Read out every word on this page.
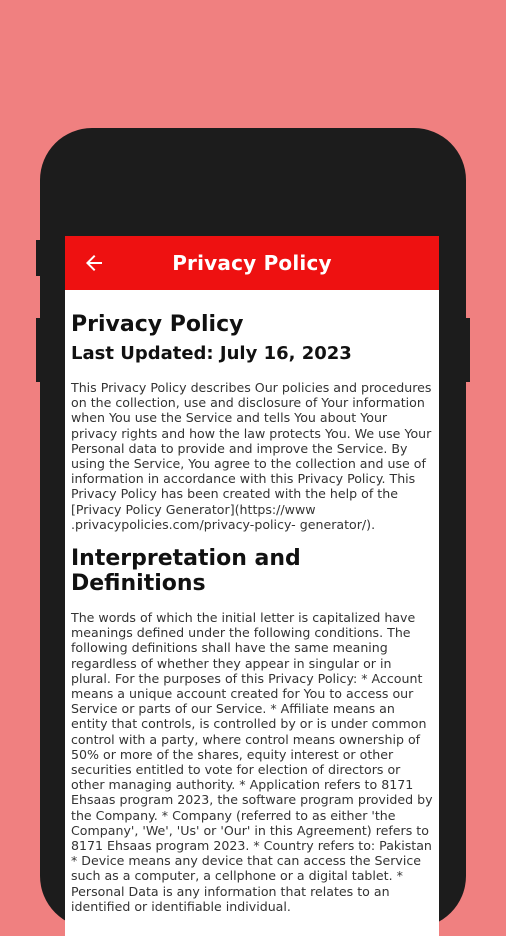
Privacy Policy
Privacy Policy
Last Updated: July 16, 2023

This Privacy Policy describes Our policies and procedures on the collection, use and disclosure of Your information when You use the Service and tells You about Your privacy rights and how the law protects You. We use Your Personal data to provide and improve the Service. By using the Service, You agree to the collection and use of information in accordance with this Privacy Policy. This Privacy Policy has been created with the help of the [Privacy Policy Generator](https://www .privacypolicies.com/privacy-policy- generator/).

Interpretation and Definitions

The words of which the initial letter is capitalized have meanings defined under the following conditions. The following definitions shall have the same meaning regardless of whether they appear in singular or in plural. For the purposes of this Privacy Policy: * Account means a unique account created for You to access our Service or parts of our Service. * Affiliate means an entity that controls, is controlled by or is under common control with a party, where control means ownership of 50% or more of the shares, equity interest or other securities entitled to vote for election of directors or other managing authority. * Application refers to 8171 Ehsaas program 2023, the software program provided by the Company. * Company (referred to as either 'the Company', 'We', 'Us' or 'Our' in this Agreement) refers to 8171 Ehsaas program 2023. * Country refers to: Pakistan * Device means any device that can access the Service such as a computer, a cellphone or a digital tablet. * Personal Data is any information that relates to an identified or identifiable individual.
